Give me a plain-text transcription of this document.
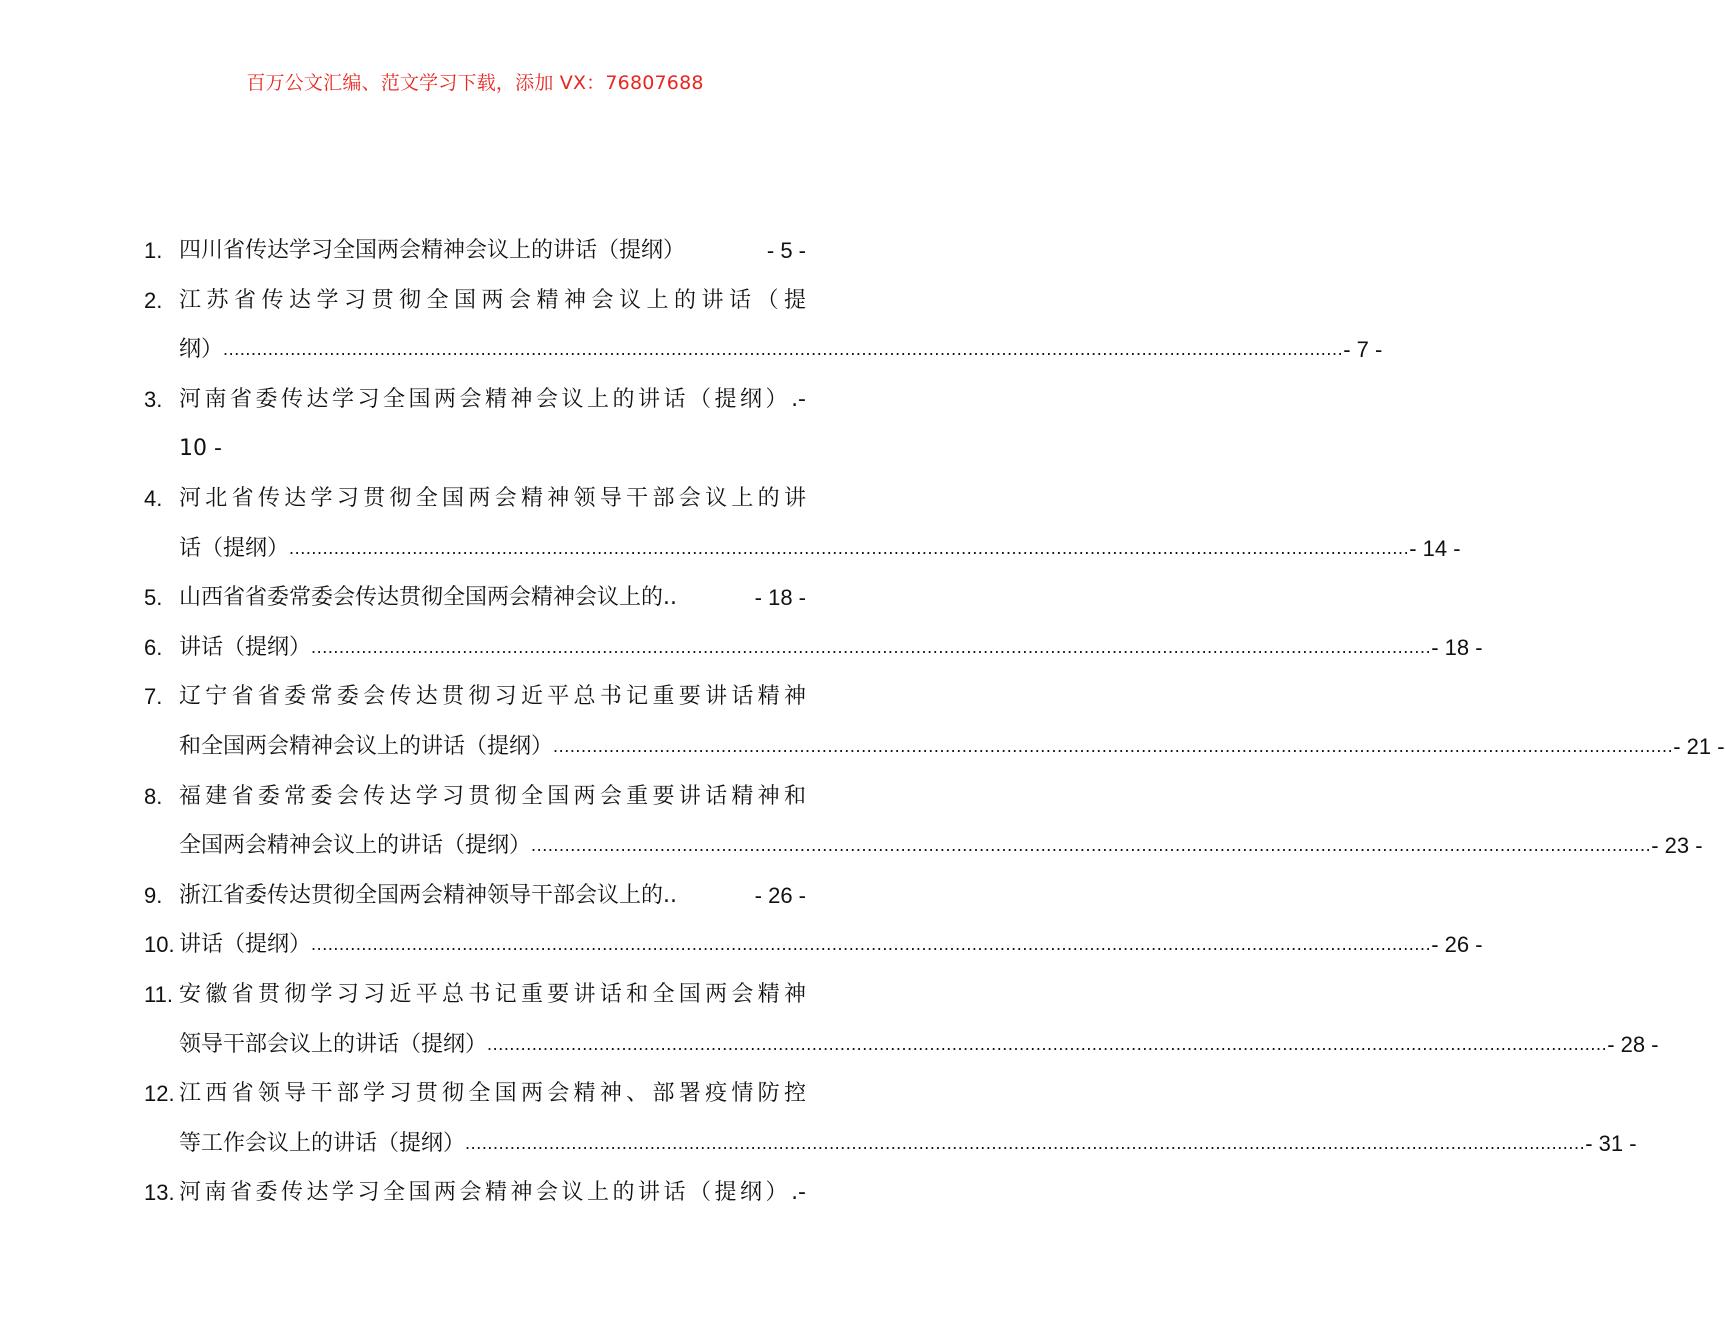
百万公文汇编、范文学习下载，添加 VX：76807688
1. 四川省传达学习全国两会精神会议上的讲话（提纲）	- 5 -
2. 江苏省传达学习贯彻全国两会精神会议上的讲话（提
纲） .....	- 7 -
3. 河南省委传达学习全国两会精神会议上的讲话（提纲）.-
10 -
4. 河北省传达学习贯彻全国两会精神领导干部会议上的讲
话（提纲） .....	- 14 -
5. 山西省省委常委会传达贯彻全国两会精神会议上的..	- 18 -
6. 讲话（提纲） .....	- 18 -
7. 辽宁省省委常委会传达贯彻习近平总书记重要讲话精神
和全国两会精神会议上的讲话（提纲） .....	- 21 -
8. 福建省委常委会传达学习贯彻全国两会重要讲话精神和
全国两会精神会议上的讲话（提纲） .....	- 23 -
9. 浙江省委传达贯彻全国两会精神领导干部会议上的..	- 26 -
10. 讲话（提纲） .....	- 26 -
11. 安徽省贯彻学习习近平总书记重要讲话和全国两会精神
领导干部会议上的讲话（提纲） .....	- 28 -
12. 江西省领导干部学习贯彻全国两会精神、部署疫情防控
等工作会议上的讲话（提纲） .....	- 31 -
13. 河南省委传达学习全国两会精神会议上的讲话（提纲）.-
